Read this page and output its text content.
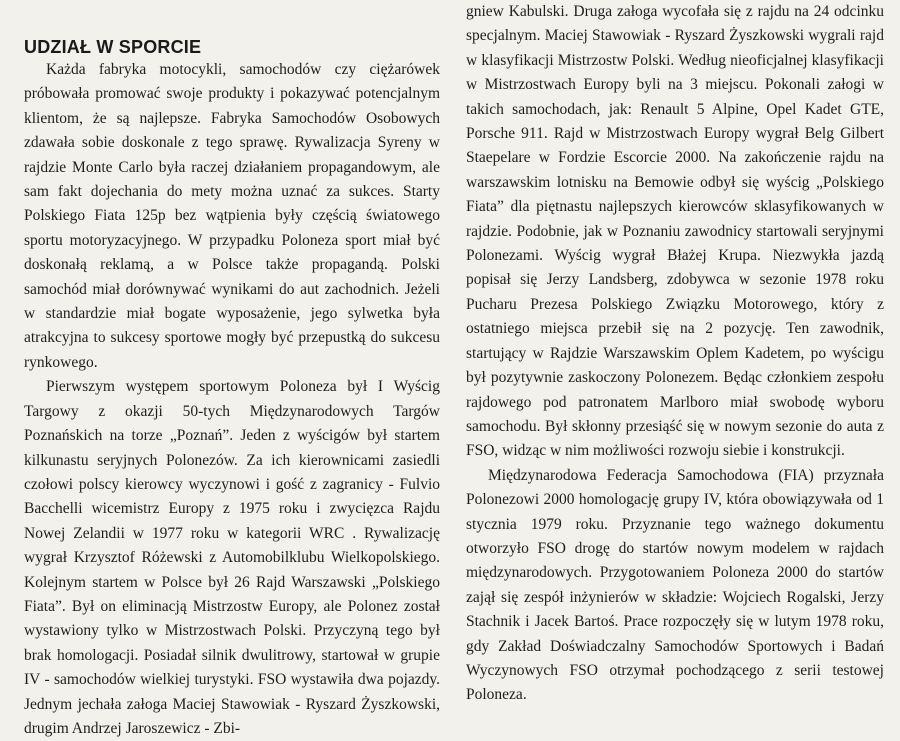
UDZIAŁ W SPORCIE

Każda fabryka motocykli, samochodów czy ciężarówek próbowała promować swoje produkty i pokazywać potencjalnym klientom, że są najlepsze. Fabryka Samochodów Osobowych zdawała sobie doskonale z tego sprawę. Rywalizacja Syreny w rajdzie Monte Carlo była raczej działaniem propagandowym, ale sam fakt dojechania do mety można uznać za sukces. Starty Polskiego Fiata 125p bez wątpienia były częścią światowego sportu motoryzacyjnego. W przypadku Poloneza sport miał być doskonałą reklamą, a w Polsce także propagandą. Polski samochód miał dorównywać wynikami do aut zachodnich. Jeżeli w standardzie miał bogate wyposażenie, jego sylwetka była atrakcyjna to sukcesy sportowe mogły być przepustką do sukcesu rynkowego.

Pierwszym występem sportowym Poloneza był I Wyścig Targowy z okazji 50-tych Międzynarodowych Targów Poznańskich na torze „Poznań”. Jeden z wyścigów był startem kilkunastu seryjnych Polonezów. Za ich kierownicami zasiedli czołowi polscy kierowcy wyczynowi i gość z zagranicy - Fulvio Bacchelli wicemistrz Europy z 1975 roku i zwycięzca Rajdu Nowej Zelandii w 1977 roku w kategorii WRC . Rywalizację wygrał Krzysztof Różewski z Automobilklubu Wielkopolskiego. Kolejnym startem w Polsce był 26 Rajd Warszawski „Polskiego Fiata”. Był on eliminacją Mistrzostw Europy, ale Polonez został wystawiony tylko w Mistrzostwach Polski. Przyczyną tego był brak homologacji. Posiadał silnik dwulitrowy, startował w grupie IV - samochodów wielkiej turystyki. FSO wystawiła dwa pojazdy. Jednym jechała załoga Maciej Stawowiak - Ryszard Żyszkowski, drugim Andrzej Jaroszewicz - Zbi-

gniew Kabulski. Druga załoga wycofała się z rajdu na 24 odcinku specjalnym. Maciej Stawowiak - Ryszard Żyszkowski wygrali rajd w klasyfikacji Mistrzostw Polski. Według nieoficjalnej klasyfikacji w Mistrzostwach Europy byli na 3 miejscu. Pokonali załogi w takich samochodach, jak: Renault 5 Alpine, Opel Kadet GTE, Porsche 911. Rajd w Mistrzostwach Europy wygrał Belg Gilbert Staepelare w Fordzie Escorcie 2000. Na zakończenie rajdu na warszawskim lotnisku na Bemowie odbył się wyścig „Polskiego Fiata” dla piętnastu najlepszych kierowców sklasyfikowanych w rajdzie. Podobnie, jak w Poznaniu zawodnicy startowali seryjnymi Polonezami. Wyścig wygrał Błażej Krupa. Niezwykła jazdą popisał się Jerzy Landsberg, zdobywca w sezonie 1978 roku Pucharu Prezesa Polskiego Związku Motorowego, który z ostatniego miejsca przebił się na 2 pozycję. Ten zawodnik, startujący w Rajdzie Warszawskim Oplem Kadetem, po wyścigu był pozytywnie zaskoczony Polonezem. Będąc członkiem zespołu rajdowego pod patronatem Marlboro miał swobodę wyboru samochodu. Był skłonny przesiąść się w nowym sezonie do auta z FSO, widząc w nim możliwości rozwoju siebie i konstrukcji.

Międzynarodowa Federacja Samochodowa (FIA) przyznała Polonezowi 2000 homologację grupy IV, która obowiązywała od 1 stycznia 1979 roku. Przyznanie tego ważnego dokumentu otworzyło FSO drogę do startów nowym modelem w rajdach międzynarodowych. Przygotowaniem Poloneza 2000 do startów zajął się zespół inżynierów w składzie: Wojciech Rogalski, Jerzy Stachnik i Jacek Bartoś. Prace rozpoczęły się w lutym 1978 roku, gdy Zakład Doświadczalny Samochodów Sportowych i Badań Wyczynowych FSO otrzymał pochodzącego z serii testowej Poloneza.
